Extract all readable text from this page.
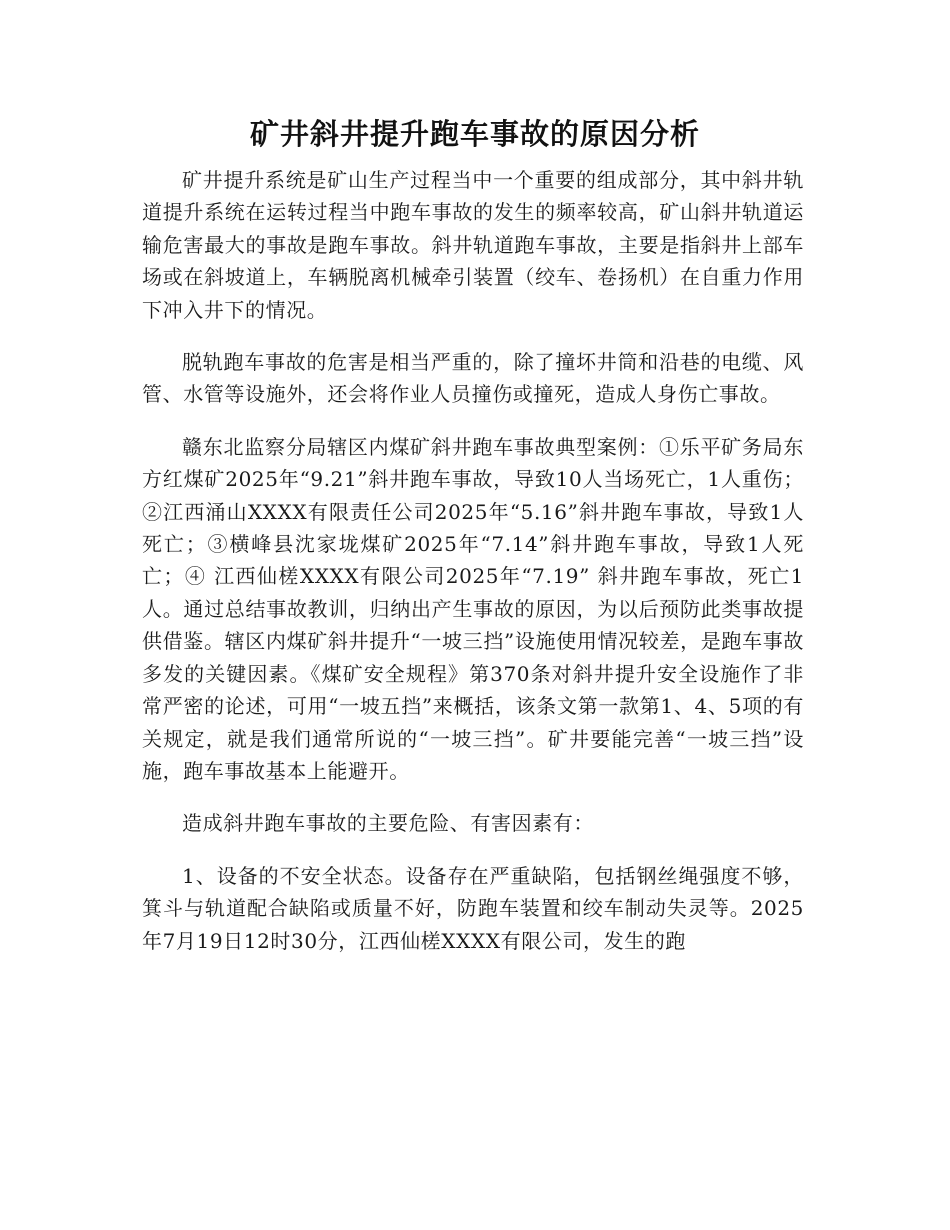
矿井斜井提升跑车事故的原因分析

矿井提升系统是矿山生产过程当中一个重要的组成部分，其中斜井轨道提升系统在运转过程当中跑车事故的发生的频率较高，矿山斜井轨道运输危害最大的事故是跑车事故。斜井轨道跑车事故，主要是指斜井上部车场或在斜坡道上，车辆脱离机械牵引装置（绞车、卷扬机）在自重力作用下冲入井下的情况。

脱轨跑车事故的危害是相当严重的，除了撞坏井筒和沿巷的电缆、风管、水管等设施外，还会将作业人员撞伤或撞死，造成人身伤亡事故。

赣东北监察分局辖区内煤矿斜井跑车事故典型案例：①乐平矿务局东方红煤矿2025年“9.21”斜井跑车事故，导致10人当场死亡，1人重伤；②江西涌山XXXX有限责任公司2025年“5.16”斜井跑车事故，导致1人死亡；③横峰县沈家垅煤矿2025年“7.14”斜井跑车事故，导致1人死亡；④ 江西仙槎XXXX有限公司2025年“7.19” 斜井跑车事故，死亡1人。通过总结事故教训，归纳出产生事故的原因，为以后预防此类事故提供借鉴。辖区内煤矿斜井提升“一坡三挡”设施使用情况较差，是跑车事故多发的关键因素。《煤矿安全规程》第370条对斜井提升安全设施作了非常严密的论述，可用“一坡五挡”来概括，该条文第一款第1、4、5项的有关规定，就是我们通常所说的“一坡三挡”。矿井要能完善“一坡三挡”设施，跑车事故基本上能避开。

造成斜井跑车事故的主要危险、有害因素有：

1、设备的不安全状态。设备存在严重缺陷，包括钢丝绳强度不够，箕斗与轨道配合缺陷或质量不好，防跑车装置和绞车制动失灵等。2025年7月19日12时30分，江西仙槎XXXX有限公司，发生的跑
